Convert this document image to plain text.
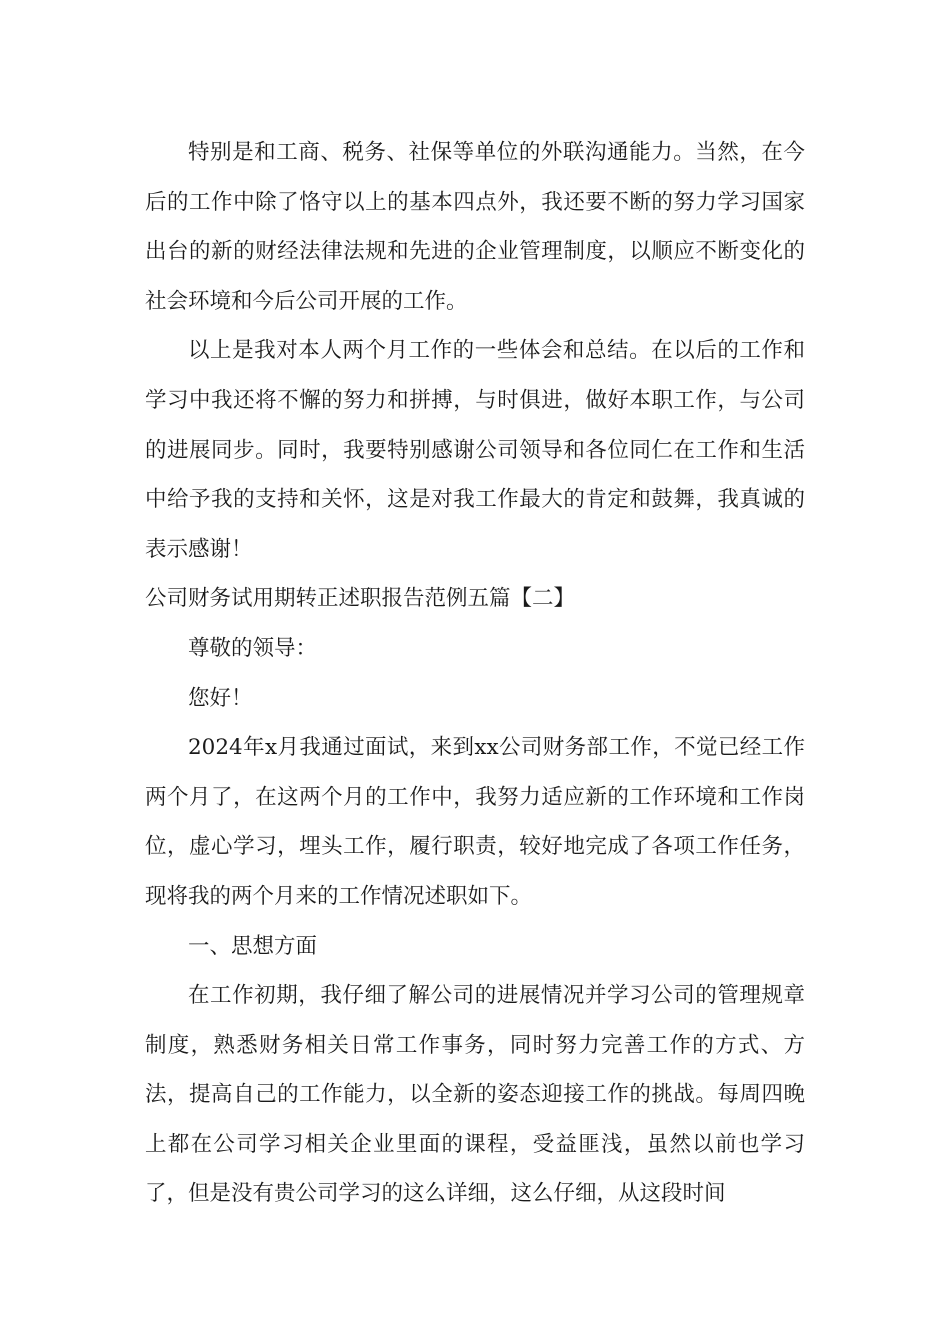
特别是和工商、税务、社保等单位的外联沟通能力。当然，在今后的工作中除了恪守以上的基本四点外，我还要不断的努力学习国家出台的新的财经法律法规和先进的企业管理制度，以顺应不断变化的社会环境和今后公司开展的工作。

以上是我对本人两个月工作的一些体会和总结。在以后的工作和学习中我还将不懈的努力和拼搏，与时俱进，做好本职工作，与公司的进展同步。同时，我要特别感谢公司领导和各位同仁在工作和生活中给予我的支持和关怀，这是对我工作最大的肯定和鼓舞，我真诚的表示感谢！

公司财务试用期转正述职报告范例五篇【二】

尊敬的领导：

您好！

2024年x月我通过面试，来到xx公司财务部工作，不觉已经工作两个月了，在这两个月的工作中，我努力适应新的工作环境和工作岗位，虚心学习，埋头工作，履行职责，较好地完成了各项工作任务，现将我的两个月来的工作情况述职如下。

一、思想方面

在工作初期，我仔细了解公司的进展情况并学习公司的管理规章制度，熟悉财务相关日常工作事务，同时努力完善工作的方式、方法，提高自己的工作能力，以全新的姿态迎接工作的挑战。每周四晚上都在公司学习相关企业里面的课程，受益匪浅，虽然以前也学习了，但是没有贵公司学习的这么详细，这么仔细，从这段时间
